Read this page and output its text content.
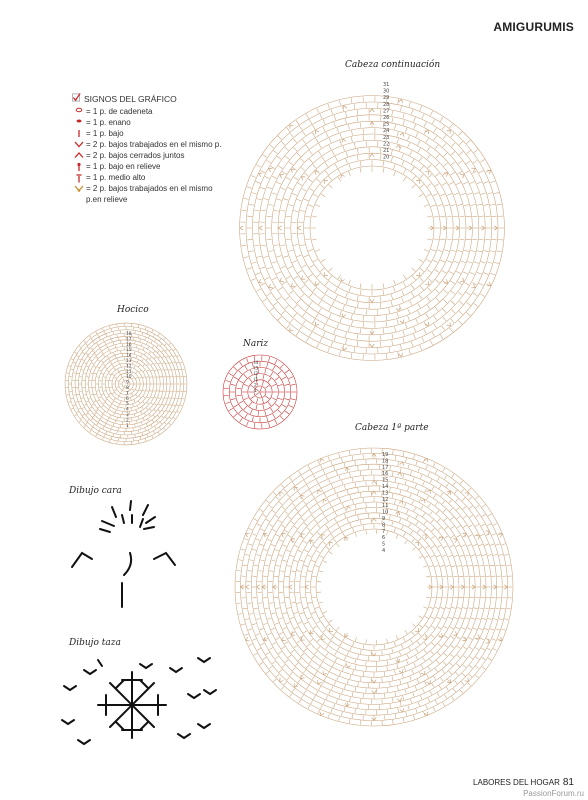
AMIGURUMIS
SIGNOS DEL GRÁFICO
= 1 p. de cadeneta
= 1 p. enano
= 1 p. bajo
= 2 p. bajos trabajados en el mismo p.
= 2 p. bajos cerrados juntos
= 1 p. bajo en relieve
= 1 p. medio alto
= 2 p. bajos trabajados en el mismo p.en relieve
Cabeza continuación
Hocico
Nariz
Cabeza 1ª parte
Dibujo cara
Dibujo taza
31
30
29
28
27
26
25
24
23
22
21
20
18
17
16
15
14
13
12
11
10
9
8
7
6
5
4
3
2
1
l4
l3
l2
l1
2
1
19
18
17
16
15
14
13
12
11
10
9
8
7
6
5
4
LABORES DEL HOGAR 81
PassionForum.ru
